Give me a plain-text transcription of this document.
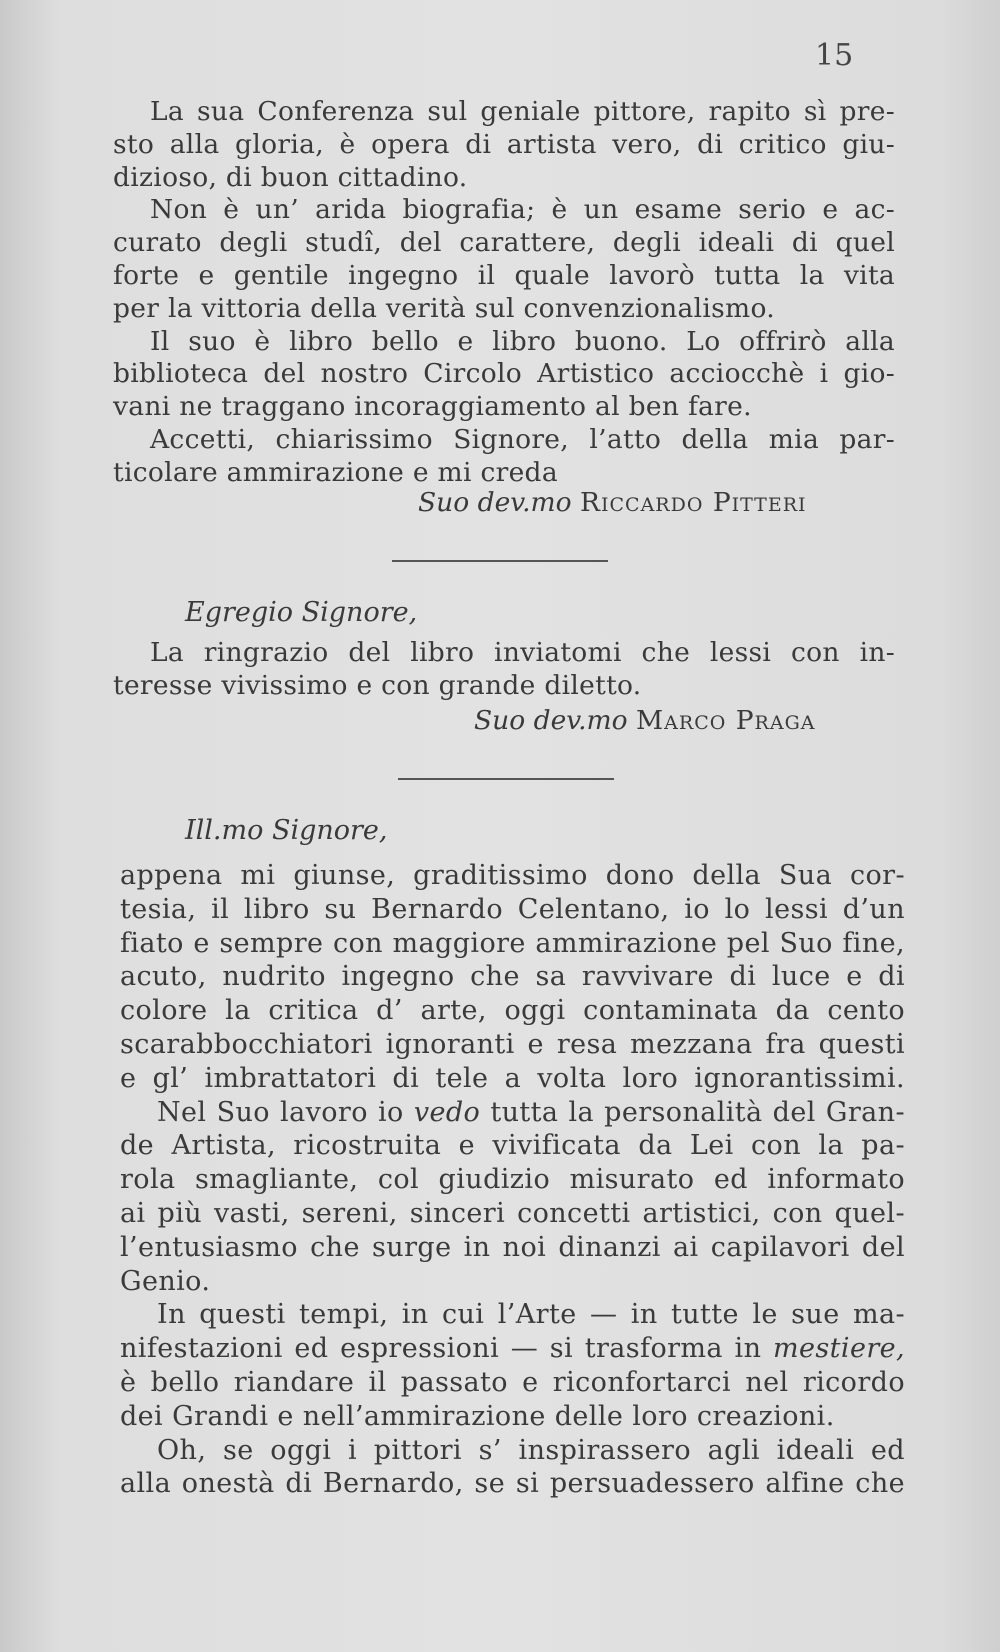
15
La sua Conferenza sul geniale pittore, rapito sì pre-
sto alla gloria, è opera di artista vero, di critico giu-
dizioso, di buon cittadino.
Non è un’ arida biografia; è un esame serio e ac-
curato degli studî, del carattere, degli ideali di quel
forte e gentile ingegno il quale lavorò tutta la vita
per la vittoria della verità sul convenzionalismo.
Il suo è libro bello e libro buono. Lo offrirò alla
biblioteca del nostro Circolo Artistico acciocchè i gio-
vani ne traggano incoraggiamento al ben fare.
Accetti, chiarissimo Signore, l’atto della mia par-
ticolare ammirazione e mi creda
Suo dev.mo Riccardo Pitteri
Egregio Signore,
La ringrazio del libro inviatomi che lessi con in-
teresse vivissimo e con grande diletto.
Suo dev.mo Marco Praga
Ill.mo Signore,
appena mi giunse, graditissimo dono della Sua cor-
tesia, il libro su Bernardo Celentano, io lo lessi d’un
fiato e sempre con maggiore ammirazione pel Suo fine,
acuto, nudrito ingegno che sa ravvivare di luce e di
colore la critica d’ arte, oggi contaminata da cento
scarabbocchiatori ignoranti e resa mezzana fra questi
e gl’ imbrattatori di tele a volta loro ignorantissimi.
Nel Suo lavoro io vedo tutta la personalità del Gran-
de Artista, ricostruita e vivificata da Lei con la pa-
rola smagliante, col giudizio misurato ed informato
ai più vasti, sereni, sinceri concetti artistici, con quel-
l’entusiasmo che surge in noi dinanzi ai capilavori del
Genio.
In questi tempi, in cui l’Arte — in tutte le sue ma-
nifestazioni ed espressioni — si trasforma in mestiere,
è bello riandare il passato e riconfortarci nel ricordo
dei Grandi e nell’ammirazione delle loro creazioni.
Oh, se oggi i pittori s’ inspirassero agli ideali ed
alla onestà di Bernardo, se si persuadessero alfine che
